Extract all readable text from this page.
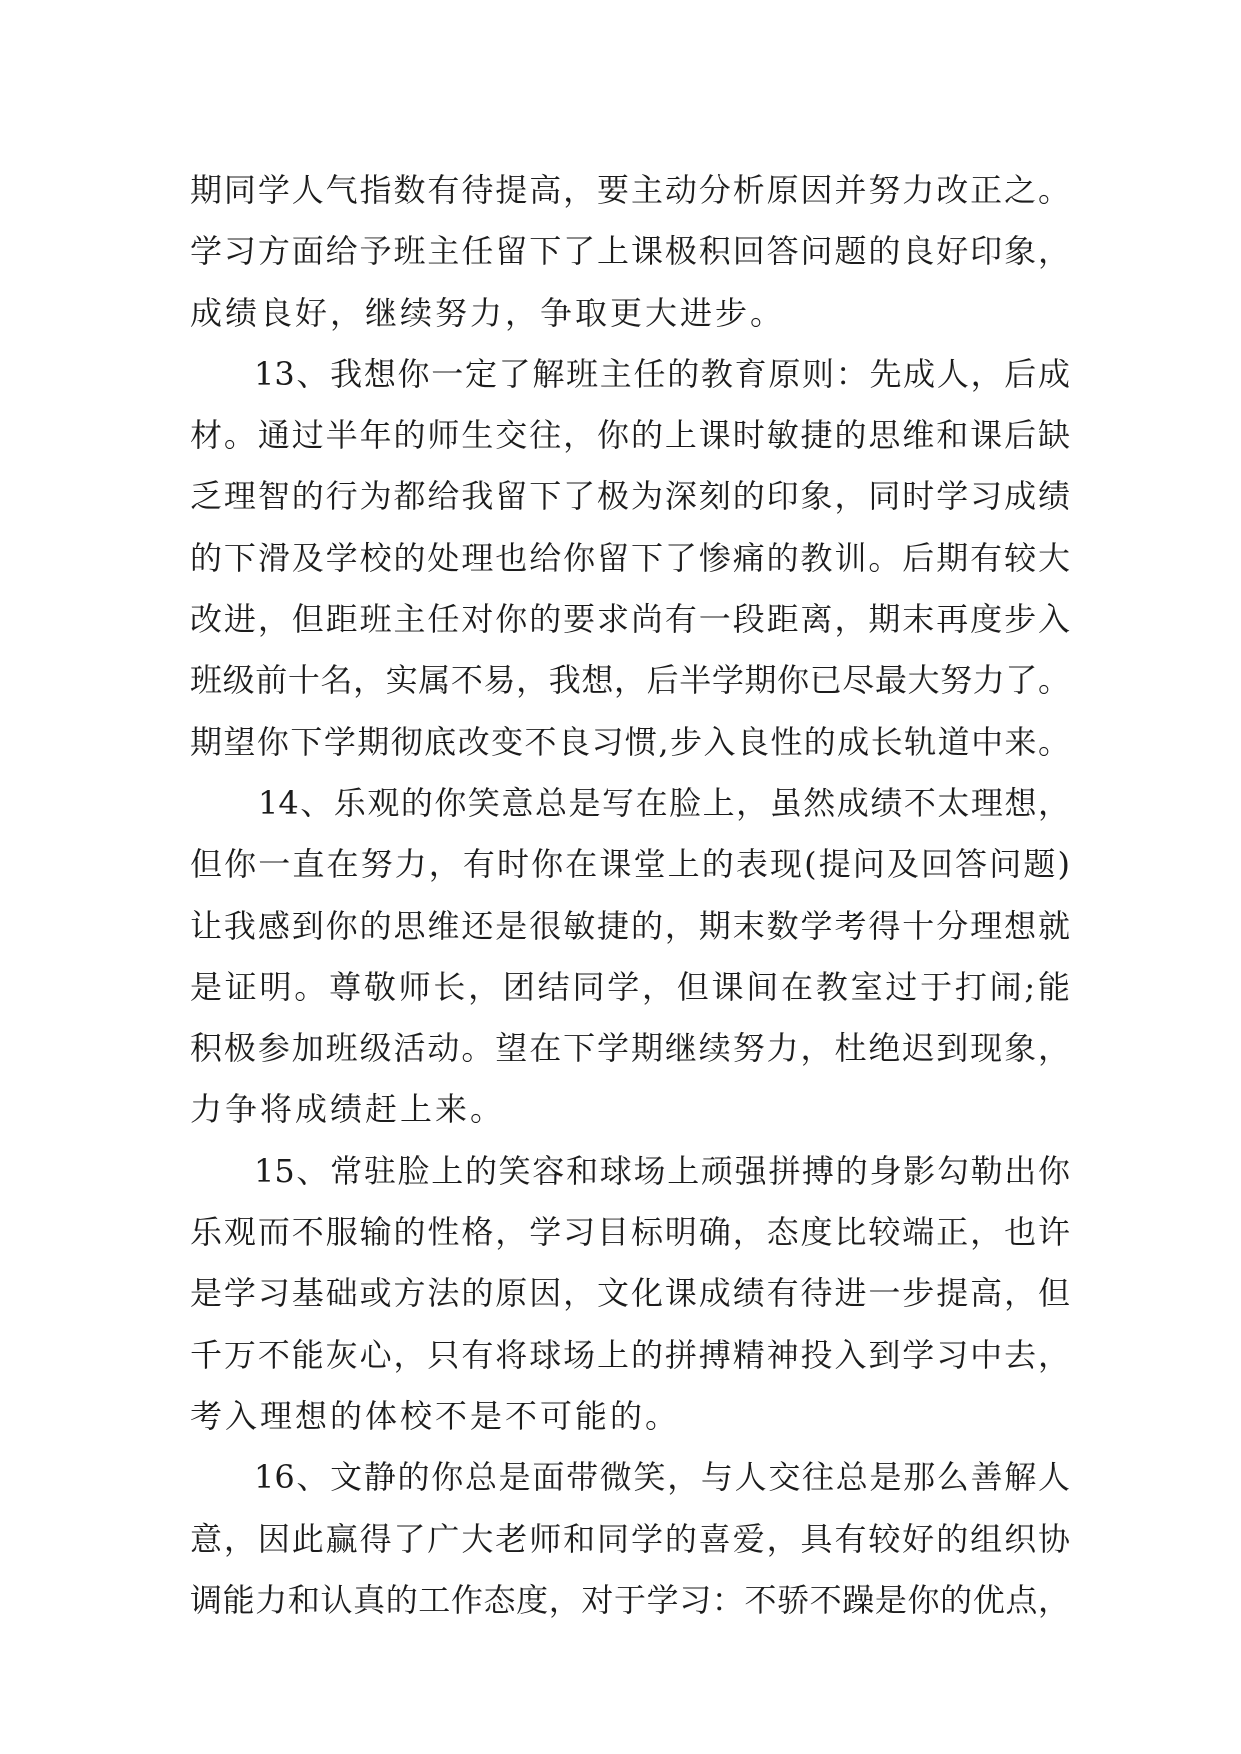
期同学人气指数有待提高，要主动分析原因并努力改正之。
学习方面给予班主任留下了上课极积回答问题的良好印象，
成绩良好，继续努力，争取更大进步。
13、我想你一定了解班主任的教育原则：先成人，后成
材。通过半年的师生交往，你的上课时敏捷的思维和课后缺
乏理智的行为都给我留下了极为深刻的印象，同时学习成绩
的下滑及学校的处理也给你留下了惨痛的教训。后期有较大
改进，但距班主任对你的要求尚有一段距离，期末再度步入
班级前十名，实属不易，我想，后半学期你已尽最大努力了。
期望你下学期彻底改变不良习惯,步入良性的成长轨道中来。
14、乐观的你笑意总是写在脸上，虽然成绩不太理想，
但你一直在努力，有时你在课堂上的表现(提问及回答问题)
让我感到你的思维还是很敏捷的，期末数学考得十分理想就
是证明。尊敬师长，团结同学，但课间在教室过于打闹;能
积极参加班级活动。望在下学期继续努力，杜绝迟到现象，
力争将成绩赶上来。
15、常驻脸上的笑容和球场上顽强拼搏的身影勾勒出你
乐观而不服输的性格，学习目标明确，态度比较端正，也许
是学习基础或方法的原因，文化课成绩有待进一步提高，但
千万不能灰心，只有将球场上的拼搏精神投入到学习中去，
考入理想的体校不是不可能的。
16、文静的你总是面带微笑，与人交往总是那么善解人
意，因此赢得了广大老师和同学的喜爱，具有较好的组织协
调能力和认真的工作态度，对于学习：不骄不躁是你的优点，
